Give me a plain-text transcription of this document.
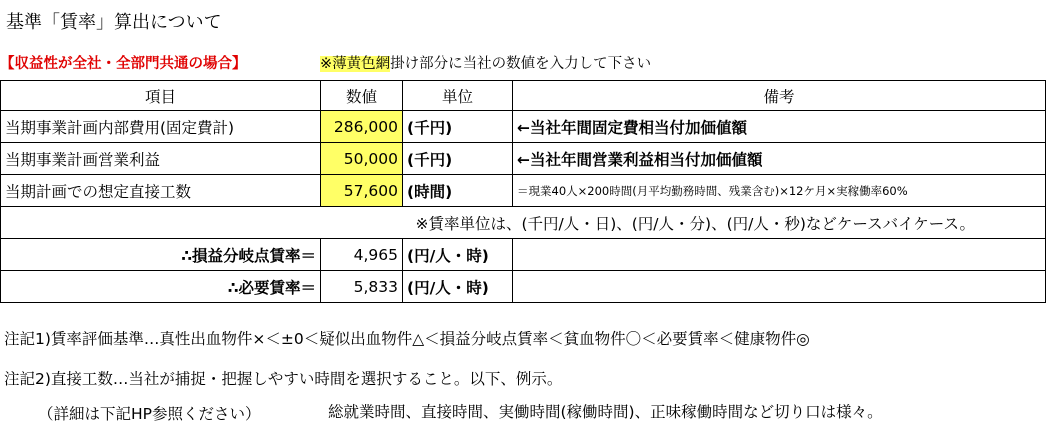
基準「賃率」算出について
【収益性が全社・全部門共通の場合】	※薄黄色網掛け部分に当社の数値を入力して下さい
項目	数値	単位	備考
当期事業計画内部費用(固定費計)	286,000	(千円)	←当社年間固定費相当付加価値額
当期事業計画営業利益	50,000	(千円)	←当社年間営業利益相当付加価値額
当期計画での想定直接工数	57,600	(時間)	＝現業40人×200時間(月平均勤務時間、残業含む)×12ケ月×実稼働率60%
※賃率単位は、(千円/人・日)、(円/人・分)、(円/人・秒)などケースバイケース。			
∴損益分岐点賃率＝	4,965	(円/人・時)	
∴必要賃率＝	5,833	(円/人・時)	
注記1)賃率評価基準…真性出血物件×＜±0＜疑似出血物件△＜損益分岐点賃率＜貧血物件〇＜必要賃率＜健康物件◎
注記2)直接工数…当社が捕捉・把握しやすい時間を選択すること。以下、例示。
（詳細は下記HP参照ください）	総就業時間、直接時間、実働時間(稼働時間)、正味稼働時間など切り口は様々。
